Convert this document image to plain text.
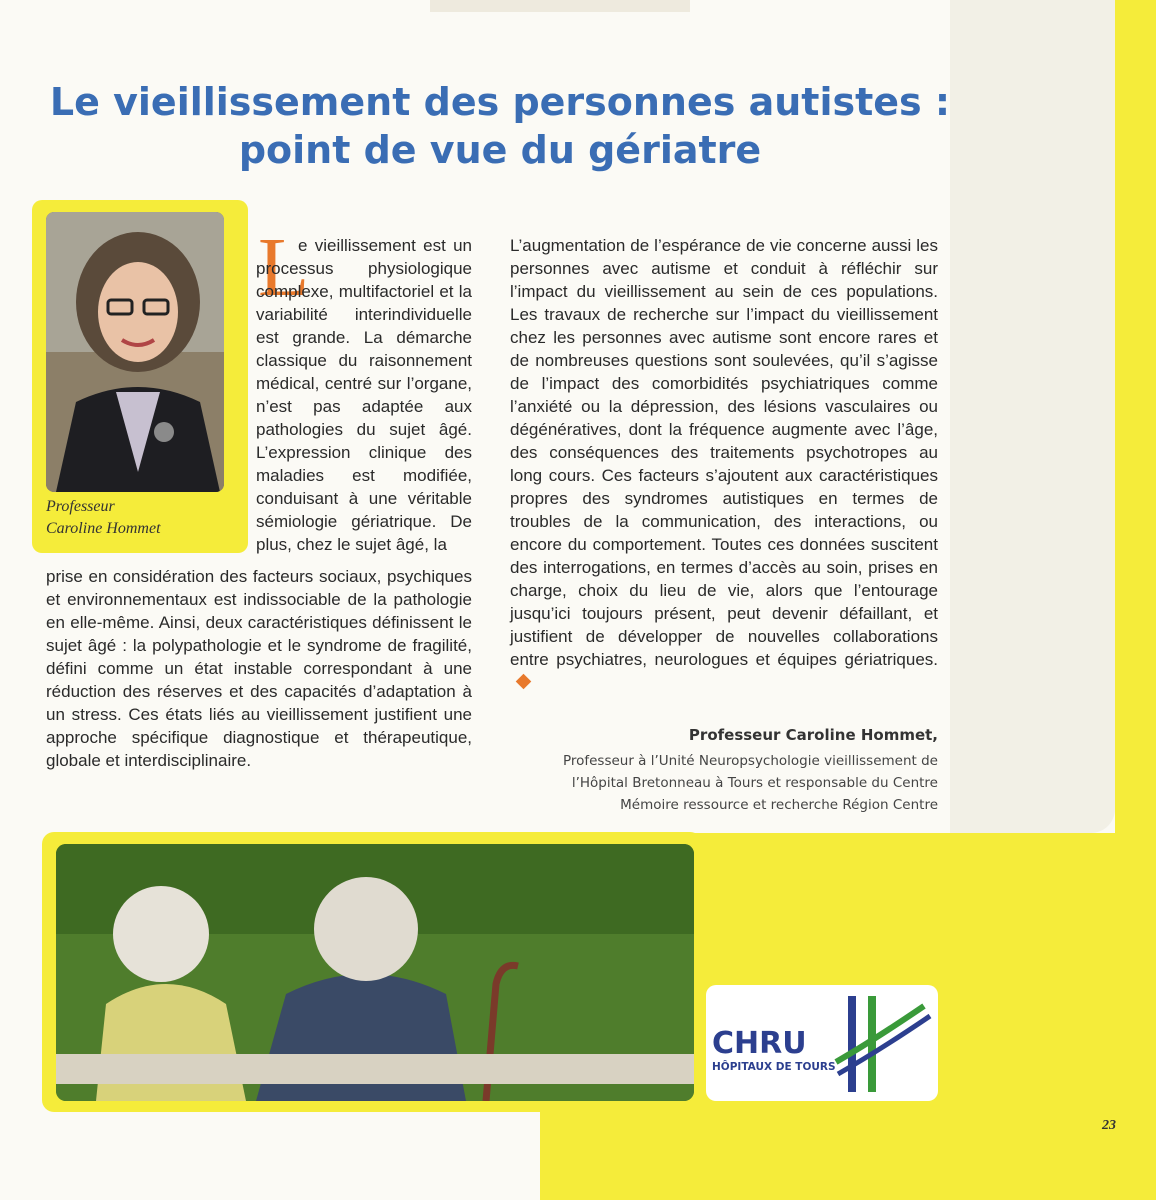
Le vieillissement des personnes autistes :
point de vue du gériatre
Professeur
Caroline Hommet
L

e vieillissement est un processus physiologique complexe, multifactoriel et la variabilité interindividuelle est grande. La démarche classique du raisonnement médical, centré sur l’organe, n’est pas adaptée aux pathologies du sujet âgé. L’expression clinique des maladies est modifiée, conduisant à une véritable sémiologie gériatrique. De plus, chez le sujet âgé, la

prise en considération des facteurs sociaux, psychiques et environnementaux est indissociable de la pathologie en elle-même. Ainsi, deux caractéristiques définissent le sujet âgé : la polypathologie et le syndrome de fragilité, défini comme un état instable correspondant à une réduction des réserves et des capacités d’adaptation à un stress. Ces états liés au vieillissement justifient une approche spécifique diagnostique et thérapeutique, globale et interdisciplinaire.

L’augmentation de l’espérance de vie concerne aussi les personnes avec autisme et conduit à réfléchir sur l’impact du vieillissement au sein de ces populations. Les travaux de recherche sur l’impact du vieillissement chez les personnes avec autisme sont encore rares et de nombreuses questions sont soulevées, qu’il s’agisse de l’impact des comorbidités psychiatriques comme l’anxiété ou la dépression, des lésions vasculaires ou dégénératives, dont la fréquence augmente avec l’âge, des conséquences des traitements psychotropes au long cours. Ces facteurs s’ajoutent aux caractéristiques propres des syndromes autistiques en termes de troubles de la communication, des interactions, ou encore du comportement. Toutes ces données suscitent des interrogations, en termes d’accès au soin, prises en charge, choix du lieu de vie, alors que l’entourage jusqu’ici toujours présent, peut devenir défaillant, et justifient de développer de nouvelles collaborations entre psychiatres, neurologues et équipes gériatriques.

Professeur Caroline Hommet,
Professeur à l’Unité Neuropsychologie vieillissement de
l’Hôpital Bretonneau à Tours et responsable du Centre
Mémoire ressource et recherche Région Centre
CHRU
HÔPITAUX DE TOURS
23
